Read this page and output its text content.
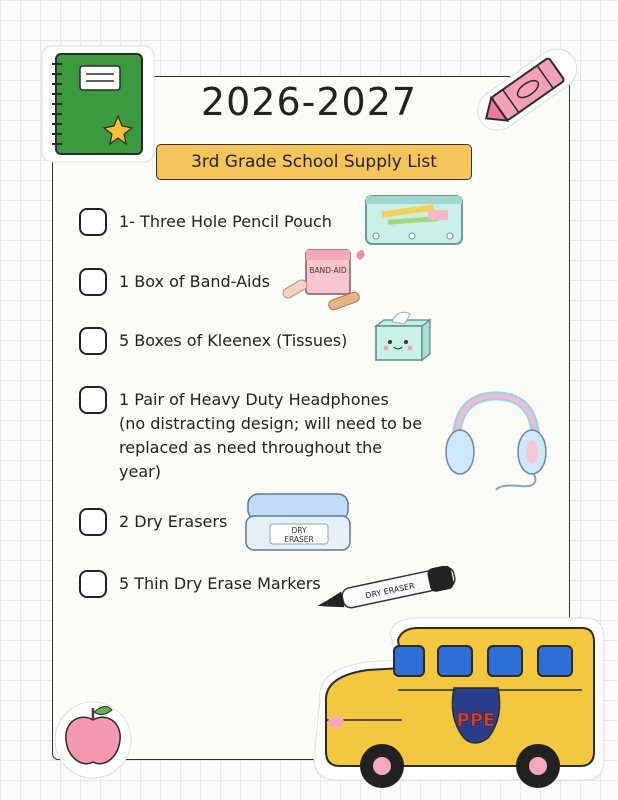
2026-2027
3rd Grade School Supply List
1- Three Hole Pencil Pouch
1 Box of Band-Aids
5 Boxes of Kleenex (Tissues)
1 Pair of Heavy Duty Headphones
(no distracting design; will need to be
replaced as need throughout the
year)
2 Dry Erasers
5 Thin Dry Erase Markers
BAND-AID
DRY
ERASER
DRY ERASER
PPE
